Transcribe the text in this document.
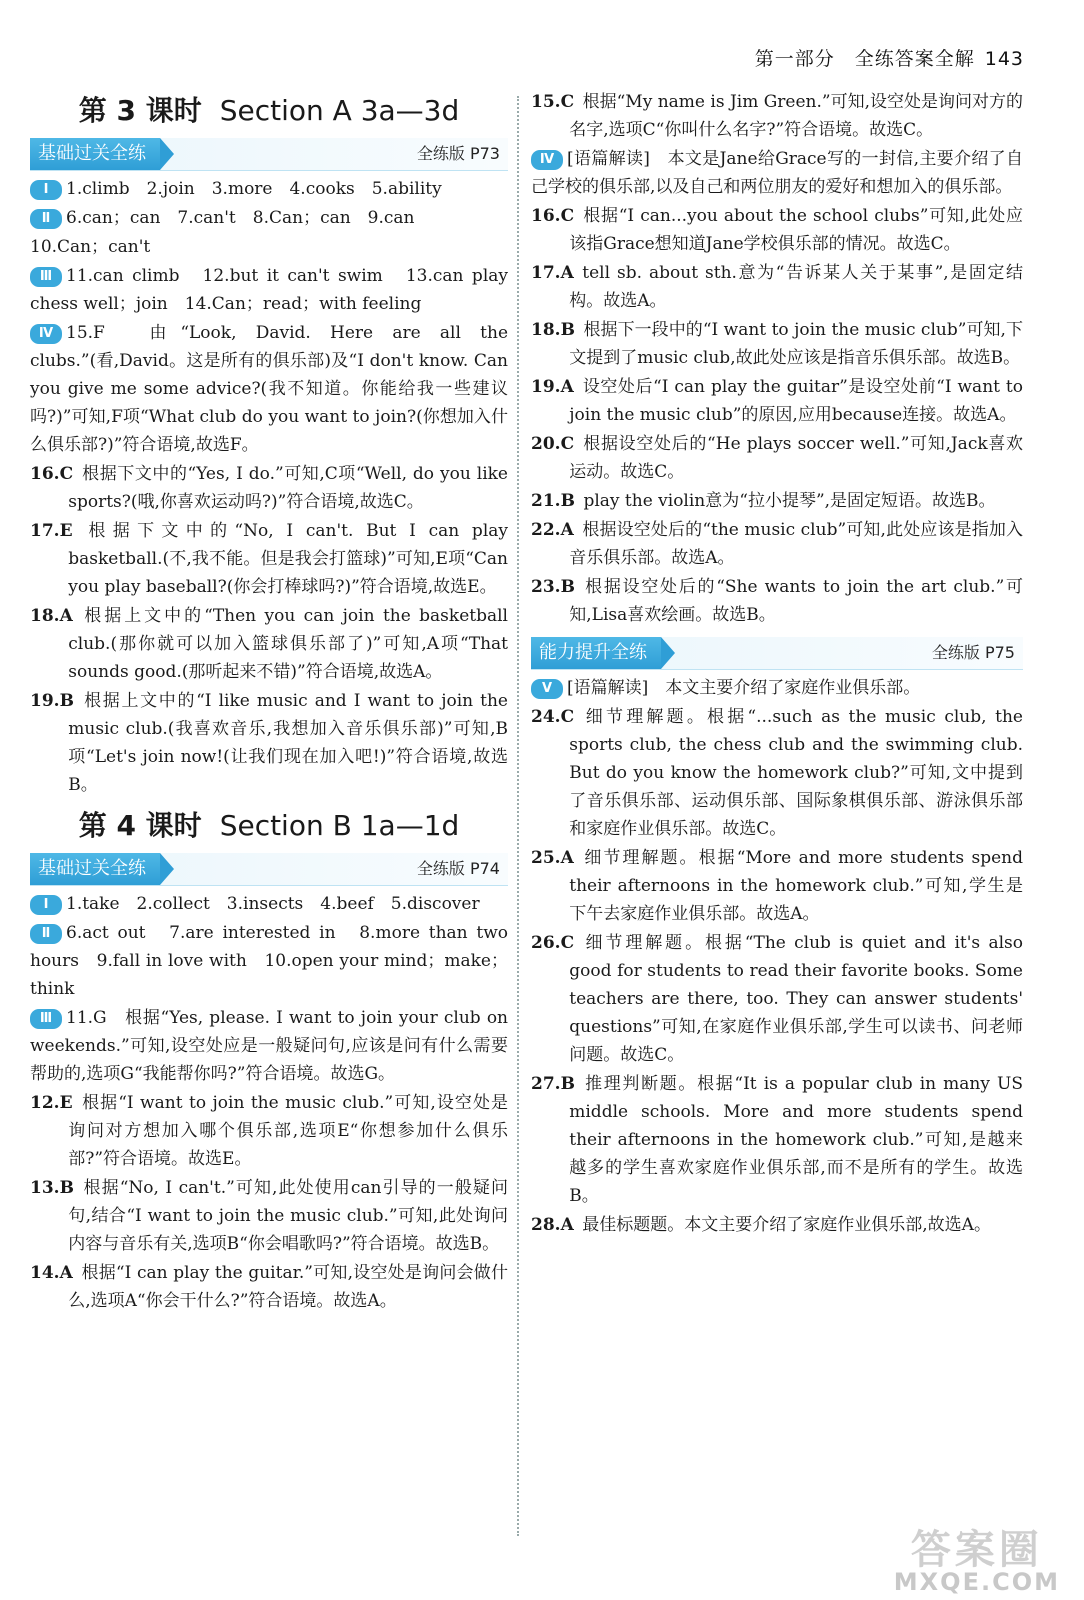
第一部分　全练答案全解 143
第 3 课时 Section A 3a—3d
基础过关全练	全练版 P73
Ⅰ 1.climb　2.join　3.more　4.cooks　5.ability
Ⅱ 6.can；can　7.can't　8.Can；can　9.can
10.Can；can't
Ⅲ 11.can climb　12.but it can't swim　13.can play chess well；join　14.Can；read；with feeling
Ⅳ 15.F　由“Look, David. Here are all the clubs.”(看,David。这是所有的俱乐部)及“I don't know. Can you give me some advice?(我不知道。你能给我一些建议吗?)”可知,F项“What club do you want to join?(你想加入什么俱乐部?)”符合语境,故选F。
16.C  根据下文中的“Yes, I do.”可知,C项“Well, do you like sports?(哦,你喜欢运动吗?)”符合语境,故选C。
17.E  根据下文中的“No, I can't. But I can play basketball.(不,我不能。但是我会打篮球)”可知,E项“Can you play baseball?(你会打棒球吗?)”符合语境,故选E。
18.A  根据上文中的“Then you can join the basketball club.(那你就可以加入篮球俱乐部了)”可知,A项“That sounds good.(那听起来不错)”符合语境,故选A。
19.B  根据上文中的“I like music and I want to join the music club.(我喜欢音乐,我想加入音乐俱乐部)”可知,B项“Let's join now!(让我们现在加入吧!)”符合语境,故选B。
第 4 课时 Section B 1a—1d
基础过关全练	全练版 P74
Ⅰ 1.take　2.collect　3.insects　4.beef　5.discover
Ⅱ 6.act out　7.are interested in　8.more than two hours　9.fall in love with　10.open your mind；make；think
Ⅲ 11.G　根据“Yes, please. I want to join your club on weekends.”可知,设空处应是一般疑问句,应该是问有什么需要帮助的,选项G“我能帮你吗?”符合语境。故选G。
12.E  根据“I want to join the music club.”可知,设空处是询问对方想加入哪个俱乐部,选项E“你想参加什么俱乐部?”符合语境。故选E。
13.B  根据“No, I can't.”可知,此处使用can引导的一般疑问句,结合“I want to join the music club.”可知,此处询问内容与音乐有关,选项B“你会唱歌吗?”符合语境。故选B。
14.A  根据“I can play the guitar.”可知,设空处是询问会做什么,选项A“你会干什么?”符合语境。故选A。
15.C  根据“My name is Jim Green.”可知,设空处是询问对方的名字,选项C“你叫什么名字?”符合语境。故选C。
Ⅳ [语篇解读]　本文是Jane给Grace写的一封信,主要介绍了自己学校的俱乐部,以及自己和两位朋友的爱好和想加入的俱乐部。
16.C  根据“I can...you about the school clubs”可知,此处应该指Grace想知道Jane学校俱乐部的情况。故选C。
17.A  tell sb. about sth.意为“告诉某人关于某事”,是固定结构。故选A。
18.B  根据下一段中的“I want to join the music club”可知,下文提到了music club,故此处应该是指音乐俱乐部。故选B。
19.A  设空处后“I can play the guitar”是设空处前“I want to join the music club”的原因,应用because连接。故选A。
20.C  根据设空处后的“He plays soccer well.”可知,Jack喜欢运动。故选C。
21.B  play the violin意为“拉小提琴”,是固定短语。故选B。
22.A  根据设空处后的“the music club”可知,此处应该是指加入音乐俱乐部。故选A。
23.B  根据设空处后的“She wants to join the art club.”可知,Lisa喜欢绘画。故选B。
能力提升全练	全练版 P75
Ⅴ [语篇解读]　本文主要介绍了家庭作业俱乐部。
24.C  细节理解题。根据“...such as the music club, the sports club, the chess club and the swimming club. But do you know the homework club?”可知,文中提到了音乐俱乐部、运动俱乐部、国际象棋俱乐部、游泳俱乐部和家庭作业俱乐部。故选C。
25.A  细节理解题。根据“More and more students spend their afternoons in the homework club.”可知,学生是下午去家庭作业俱乐部。故选A。
26.C  细节理解题。根据“The club is quiet and it's also good for students to read their favorite books. Some teachers are there, too. They can answer students' questions”可知,在家庭作业俱乐部,学生可以读书、问老师问题。故选C。
27.B  推理判断题。根据“It is a popular club in many US middle schools. More and more students spend their afternoons in the homework club.”可知,是越来越多的学生喜欢家庭作业俱乐部,而不是所有的学生。故选B。
28.A  最佳标题题。本文主要介绍了家庭作业俱乐部,故选A。
答案圈
MXQE.COM
